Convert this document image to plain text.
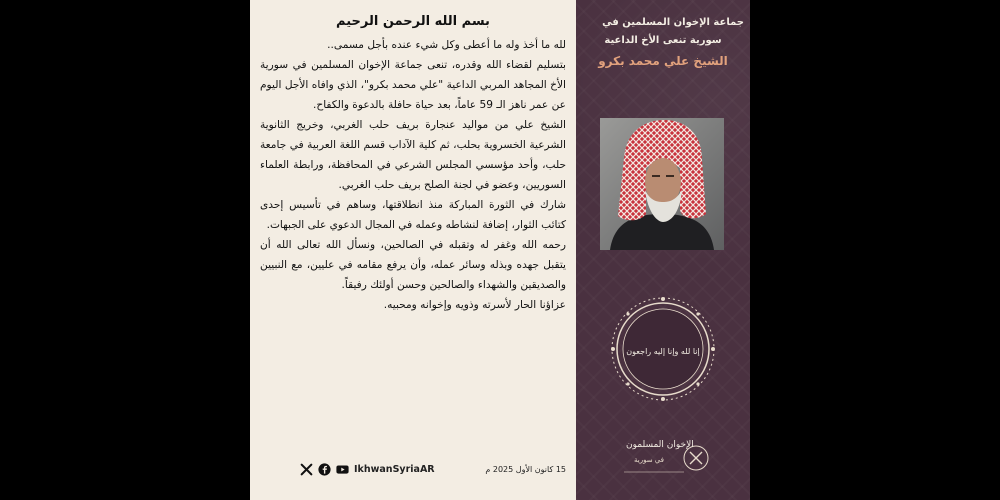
بسم الله الرحمن الرحيم

لله ما أخذ وله ما أعطى وكل شيء عنده بأجل مسمى..

بتسليم لقضاء الله وقدره، تنعى جماعة الإخوان المسلمين في سورية الأخ المجاهد المربي الداعية "علي محمد بكرو"، الذي وافاه الأجل اليوم عن عمر ناهز الـ 59 عاماً، بعد حياة حافلة بالدعوة والكفاح.

الشيخ علي من مواليد عنجارة بريف حلب الغربي، وخريج الثانوية الشرعية الخسروية بحلب، ثم كلية الآداب قسم اللغة العربية في جامعة حلب، وأحد مؤسسي المجلس الشرعي في المحافظة، ورابطة العلماء السوريين، وعضو في لجنة الصلح بريف حلب الغربي.

شارك في الثورة المباركة منذ انطلاقتها، وساهم في تأسيس إحدى كتائب الثوار، إضافة لنشاطه وعمله في المجال الدعوي على الجبهات.

رحمه الله وغفر له وتقبله في الصالحين، ونسأل الله تعالى الله أن يتقبل جهده وبذله وسائر عمله، وأن يرفع مقامه في عليين، مع النبيين والصديقين والشهداء والصالحين وحسن أولئك رفيقاً.

عزاؤنا الحار لأسرته وذويه وإخوانه ومحبيه.

15 كانون الأول 2025 م
IkhwanSyriaAR
جماعة الإخوان المسلمين في
سورية تنعى الأخ الداعية
الشيخ علي محمد بكرو
إنا لله وإنا إليه راجعون
الإخوان المسلمون
في سورية
